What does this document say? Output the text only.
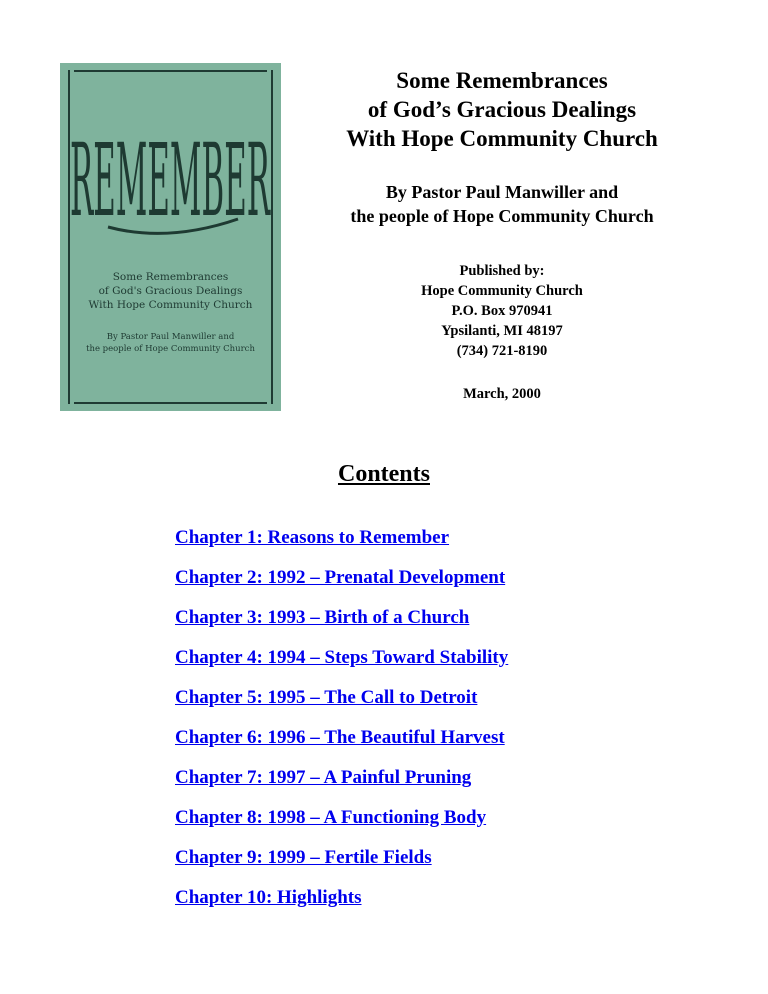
REMEMBER
Some Remembrances
of God's Gracious Dealings
With Hope Community Church
By Pastor Paul Manwiller and
the people of Hope Community Church
Some Remembrances
of God’s Gracious Dealings
With Hope Community Church
By Pastor Paul Manwiller and
the people of Hope Community Church
Published by:
Hope Community Church
P.O. Box 970941
Ypsilanti, MI 48197
(734) 721-8190
March, 2000
Contents
Chapter 1: Reasons to Remember
Chapter 2: 1992 – Prenatal Development
Chapter 3: 1993 – Birth of a Church
Chapter 4: 1994 – Steps Toward Stability
Chapter 5: 1995 – The Call to Detroit
Chapter 6: 1996 – The Beautiful Harvest
Chapter 7: 1997 – A Painful Pruning
Chapter 8: 1998 – A Functioning Body
Chapter 9: 1999 – Fertile Fields
Chapter 10: Highlights
